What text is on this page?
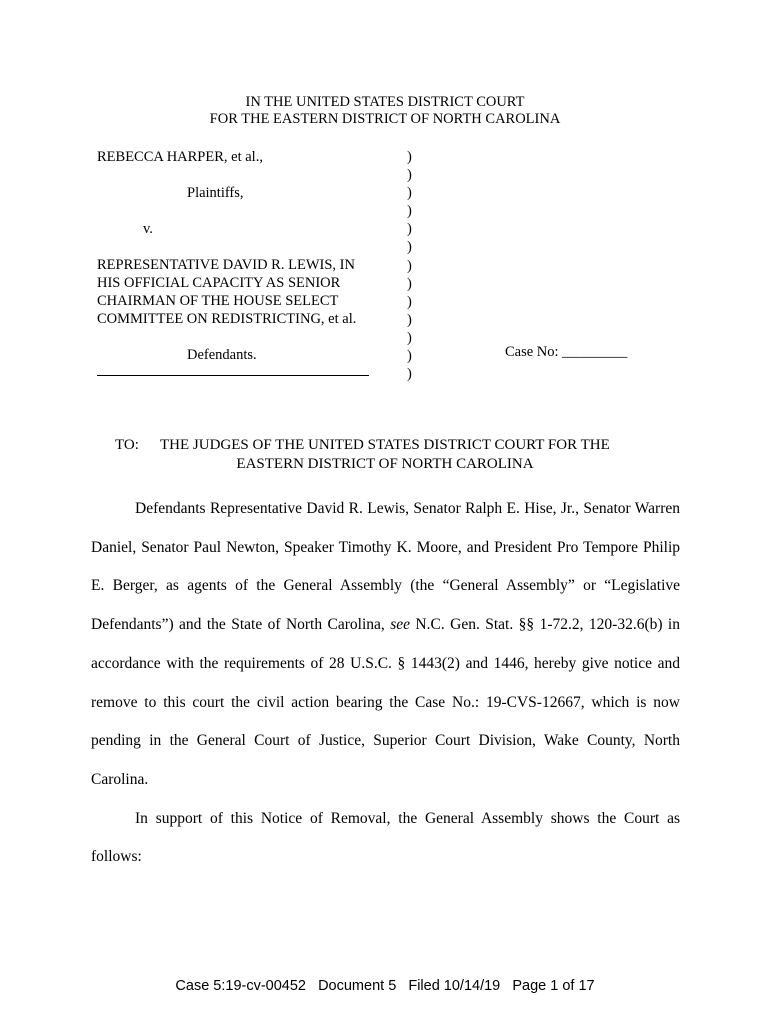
IN THE UNITED STATES DISTRICT COURT
FOR THE EASTERN DISTRICT OF NORTH CAROLINA
REBECCA HARPER, et al.,
Plaintiffs,
v.
REPRESENTATIVE DAVID R. LEWIS, IN
HIS OFFICIAL CAPACITY AS SENIOR
CHAIRMAN OF THE HOUSE SELECT
COMMITTEE ON REDISTRICTING, et al.
Defendants.
)
)
)
)
)
)
)
)
)
)
)
)
)
Case No: _________
TO: THE JUDGES OF THE UNITED STATES DISTRICT COURT FOR THE
EASTERN DISTRICT OF NORTH CAROLINA

Defendants Representative David R. Lewis, Senator Ralph E. Hise, Jr., Senator Warren Daniel, Senator Paul Newton, Speaker Timothy K. Moore, and President Pro Tempore Philip E. Berger, as agents of the General Assembly (the “General Assembly” or “Legislative Defendants”) and the State of North Carolina, see N.C. Gen. Stat. §§ 1-72.2, 120-32.6(b) in accordance with the requirements of 28 U.S.C. § 1443(2) and 1446, hereby give notice and remove to this court the civil action bearing the Case No.: 19-CVS-12667, which is now pending in the General Court of Justice, Superior Court Division, Wake County, North Carolina.

In support of this Notice of Removal, the General Assembly shows the Court as follows:

Case 5:19-cv-00452   Document 5   Filed 10/14/19   Page 1 of 17
